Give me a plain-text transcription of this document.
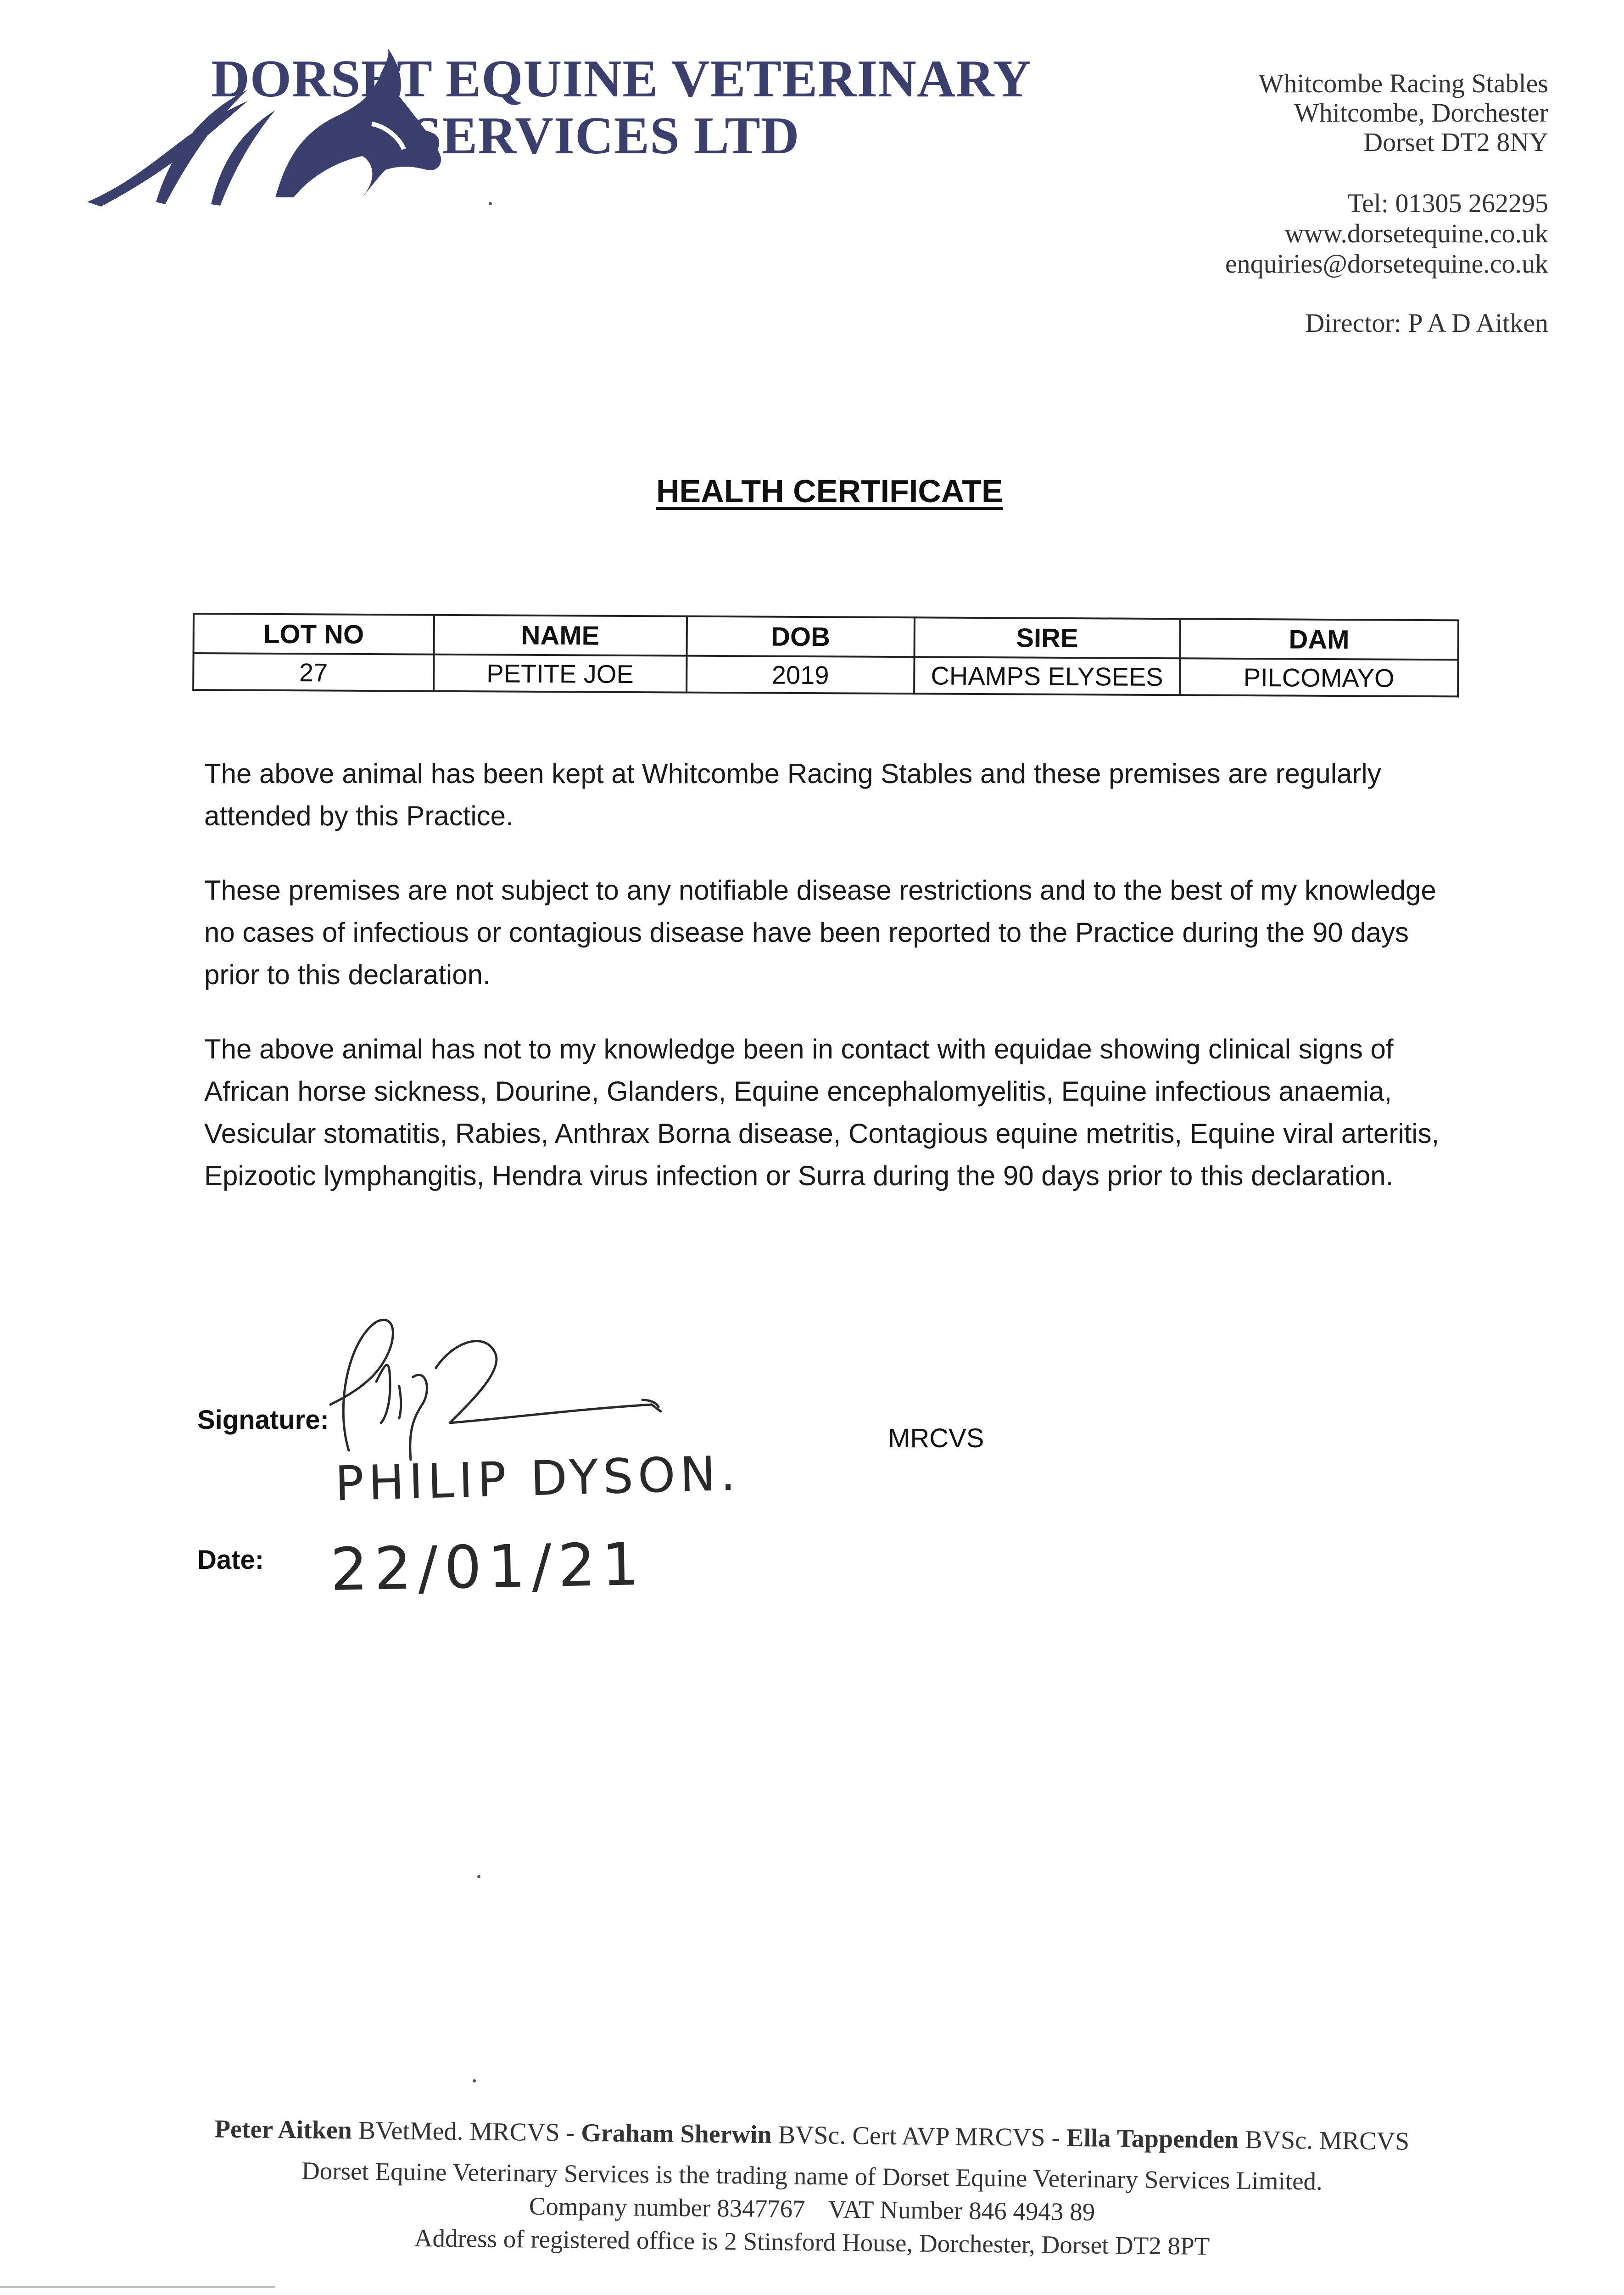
DORSET EQUINE VETERINARY
SERVICES LTD
Whitcombe Racing Stables
Whitcombe, Dorchester
Dorset DT2 8NY
Tel: 01305 262295
www.dorsetequine.co.uk
enquiries@dorsetequine.co.uk
Director: P A D Aitken
HEALTH CERTIFICATE
LOT NO	NAME	DOB	SIRE	DAM
27	PETITE JOE	2019	CHAMPS ELYSEES	PILCOMAYO

The above animal has been kept at Whitcombe Racing Stables and these premises are regularly attended by this Practice.

These premises are not subject to any notifiable disease restrictions and to the best of my knowledge no cases of infectious or contagious disease have been reported to the Practice during the 90 days prior to this declaration.

The above animal has not to my knowledge been in contact with equidae showing clinical signs of African horse sickness, Dourine, Glanders, Equine encephalomyelitis, Equine infectious anaemia, Vesicular stomatitis, Rabies, Anthrax Borna disease, Contagious equine metritis, Equine viral arteritis, Epizootic lymphangitis, Hendra virus infection or Surra during the 90 days prior to this declaration.

Signature:
MRCVS
PHILIP DYSON.
Date: 22/01/21
Peter Aitken BVetMed. MRCVS - Graham Sherwin BVSc. Cert AVP MRCVS - Ella Tappenden BVSc. MRCVS
Dorset Equine Veterinary Services is the trading name of Dorset Equine Veterinary Services Limited.
Company number 8347767 VAT Number 846 4943 89
Address of registered office is 2 Stinsford House, Dorchester, Dorset DT2 8PT
